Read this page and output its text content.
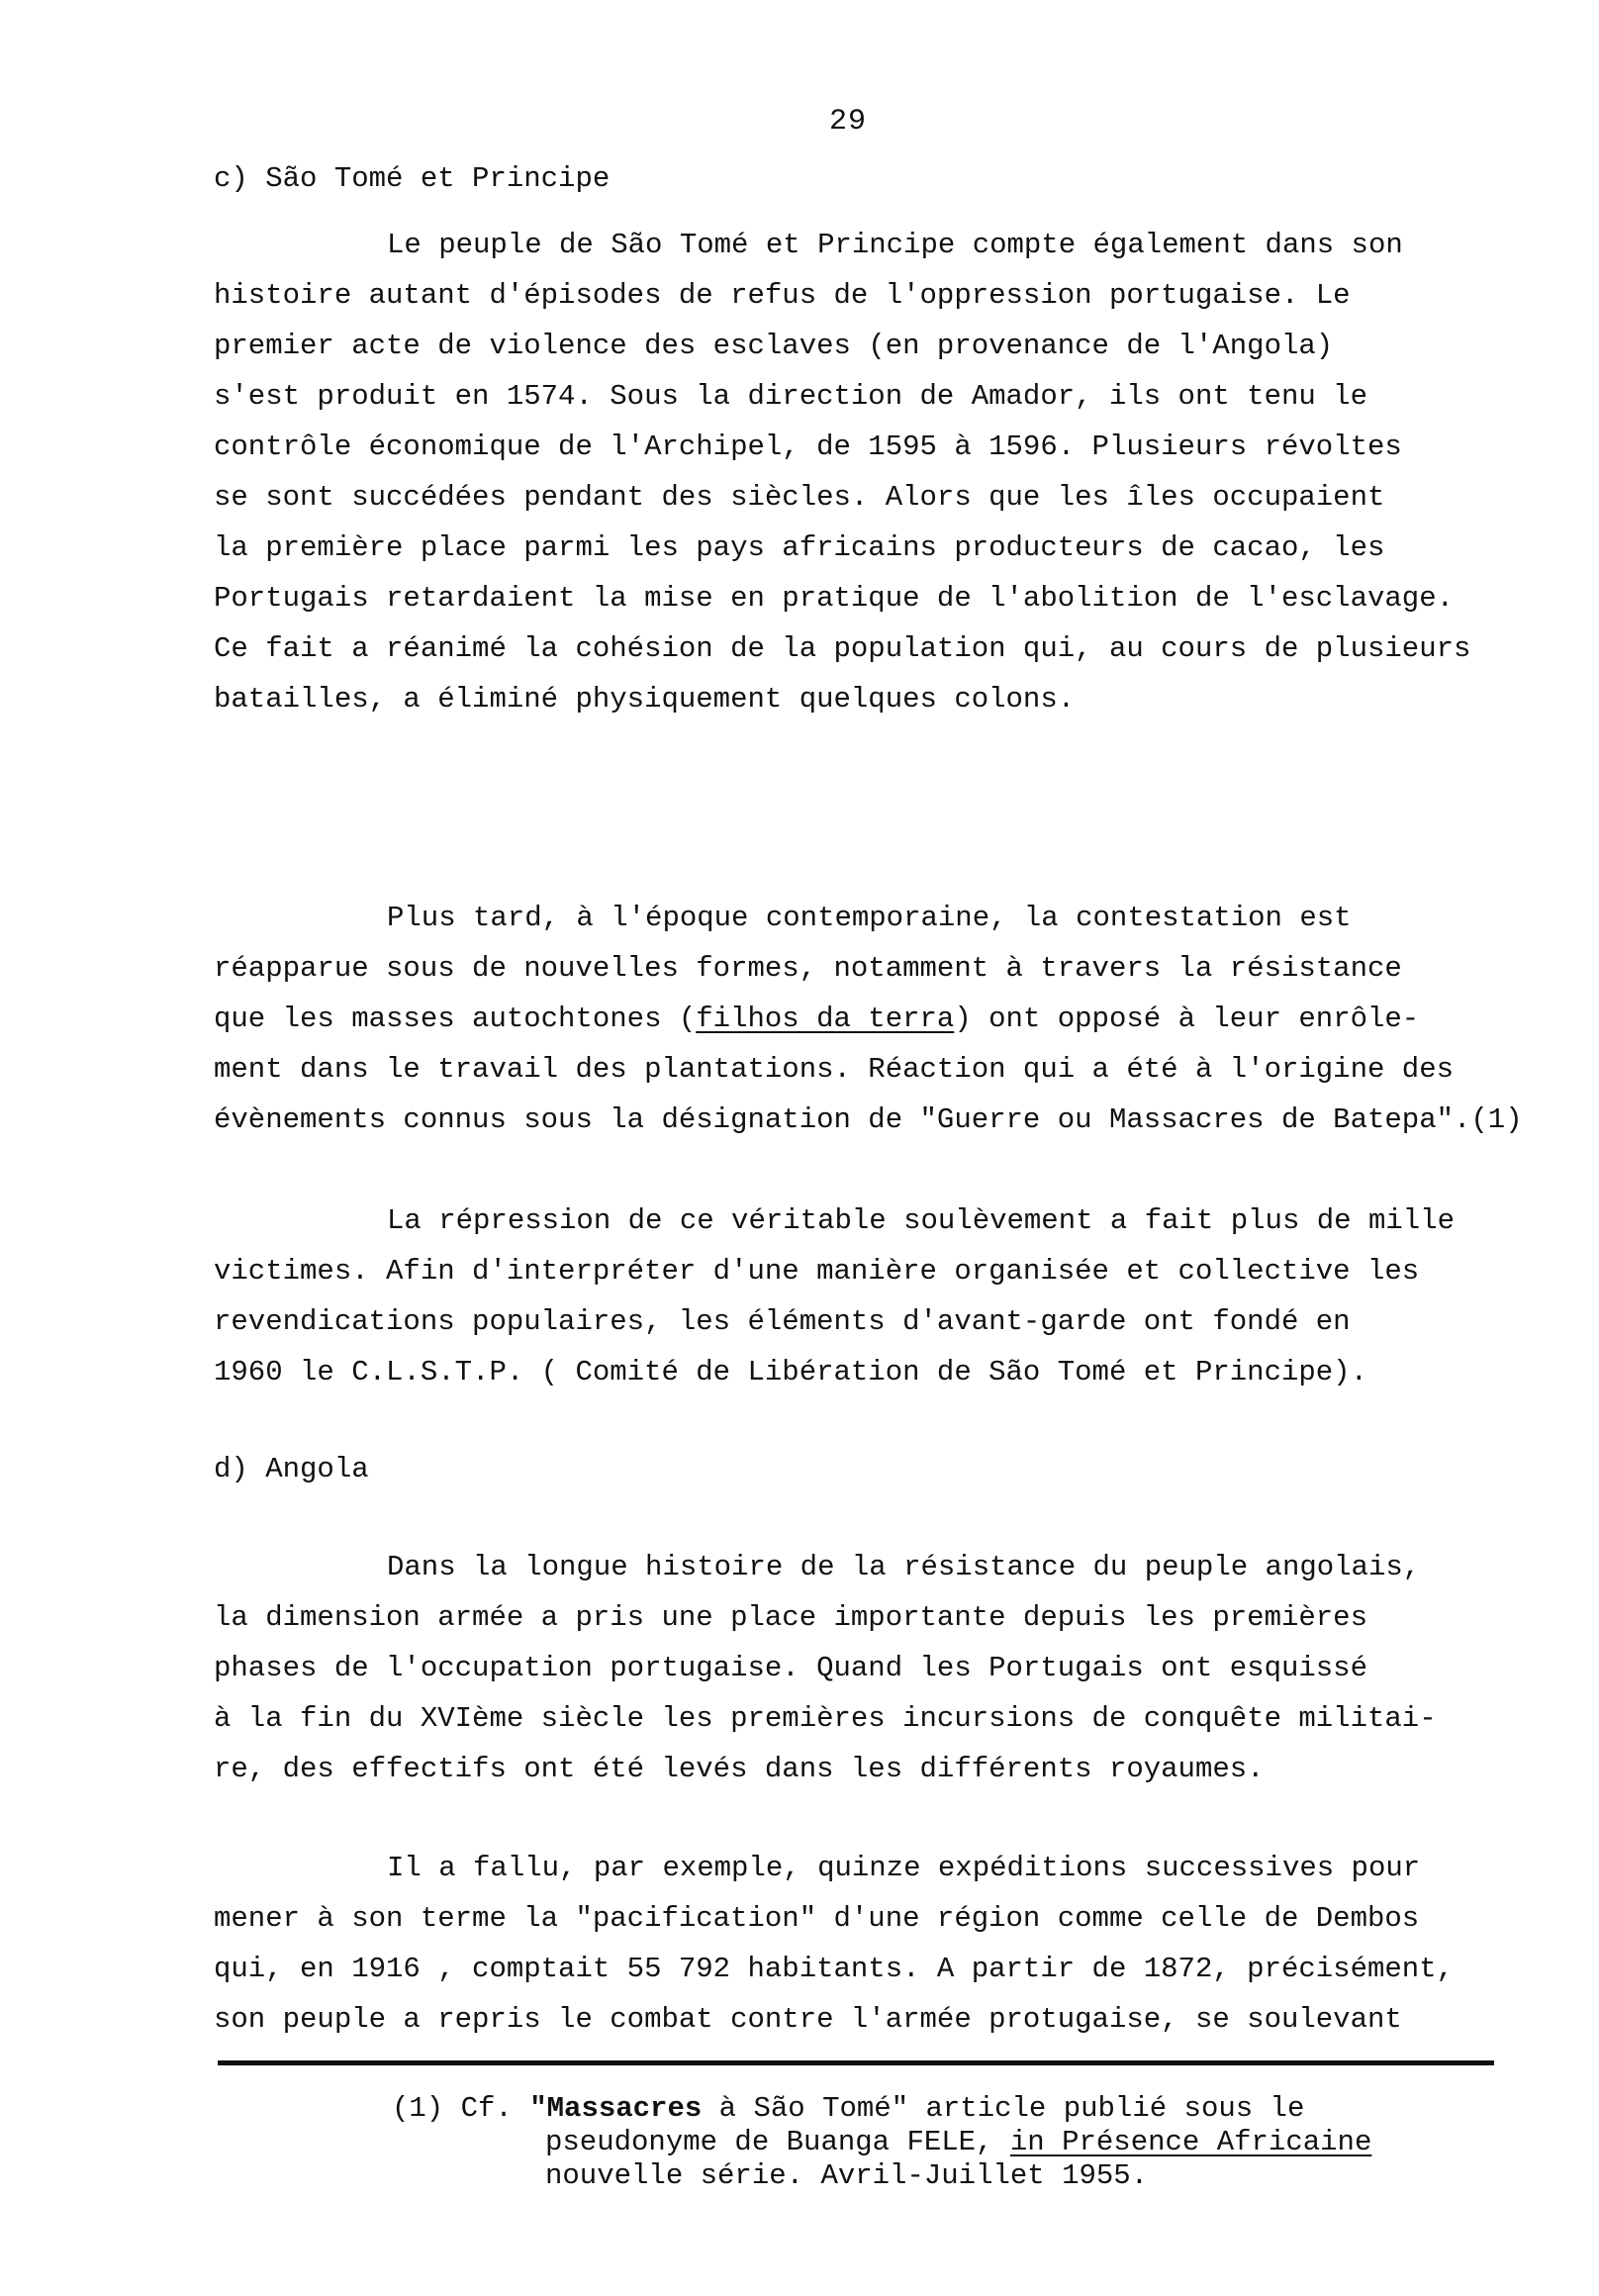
29
c) São Tomé et Principe
Le peuple de São Tomé et Principe compte également dans son
histoire autant d'épisodes de refus de l'oppression portugaise. Le
premier acte de violence des esclaves (en provenance de l'Angola)
s'est produit en 1574. Sous la direction de Amador, ils ont tenu le
contrôle économique de l'Archipel, de 1595 à 1596. Plusieurs révoltes
se sont succédées pendant des siècles. Alors que les îles occupaient
la première place parmi les pays africains producteurs de cacao, les
Portugais retardaient la mise en pratique de l'abolition de l'esclavage.
Ce fait a réanimé la cohésion de la population qui, au cours de plusieurs
batailles, a éliminé physiquement quelques colons.
Plus tard, à l'époque contemporaine, la contestation est
réapparue sous de nouvelles formes, notamment à travers la résistance
que les masses autochtones (filhos da terra) ont opposé à leur enrôle-
ment dans le travail des plantations. Réaction qui a été à l'origine des
évènements connus sous la désignation de "Guerre ou Massacres de Batepa".(1)
La répression de ce véritable soulèvement a fait plus de mille
victimes. Afin d'interpréter d'une manière organisée et collective les
revendications populaires, les éléments d'avant-garde ont fondé en
1960 le C.L.S.T.P. ( Comité de Libération de São Tomé et Principe).
d) Angola
Dans la longue histoire de la résistance du peuple angolais,
la dimension armée a pris une place importante depuis les premières
phases de l'occupation portugaise. Quand les Portugais ont esquissé
à la fin du XVIème siècle les premières incursions de conquête militai-
re, des effectifs ont été levés dans les différents royaumes.
Il a fallu, par exemple, quinze expéditions successives pour
mener à son terme la "pacification" d'une région comme celle de Dembos
qui, en 1916 , comptait 55 792 habitants. A partir de 1872, précisément,
son peuple a repris le combat contre l'armée protugaise, se soulevant
(1) Cf. "Massacres à São Tomé" article publié sous le
pseudonyme de Buanga FELE, in Présence Africaine
nouvelle série. Avril-Juillet 1955.
